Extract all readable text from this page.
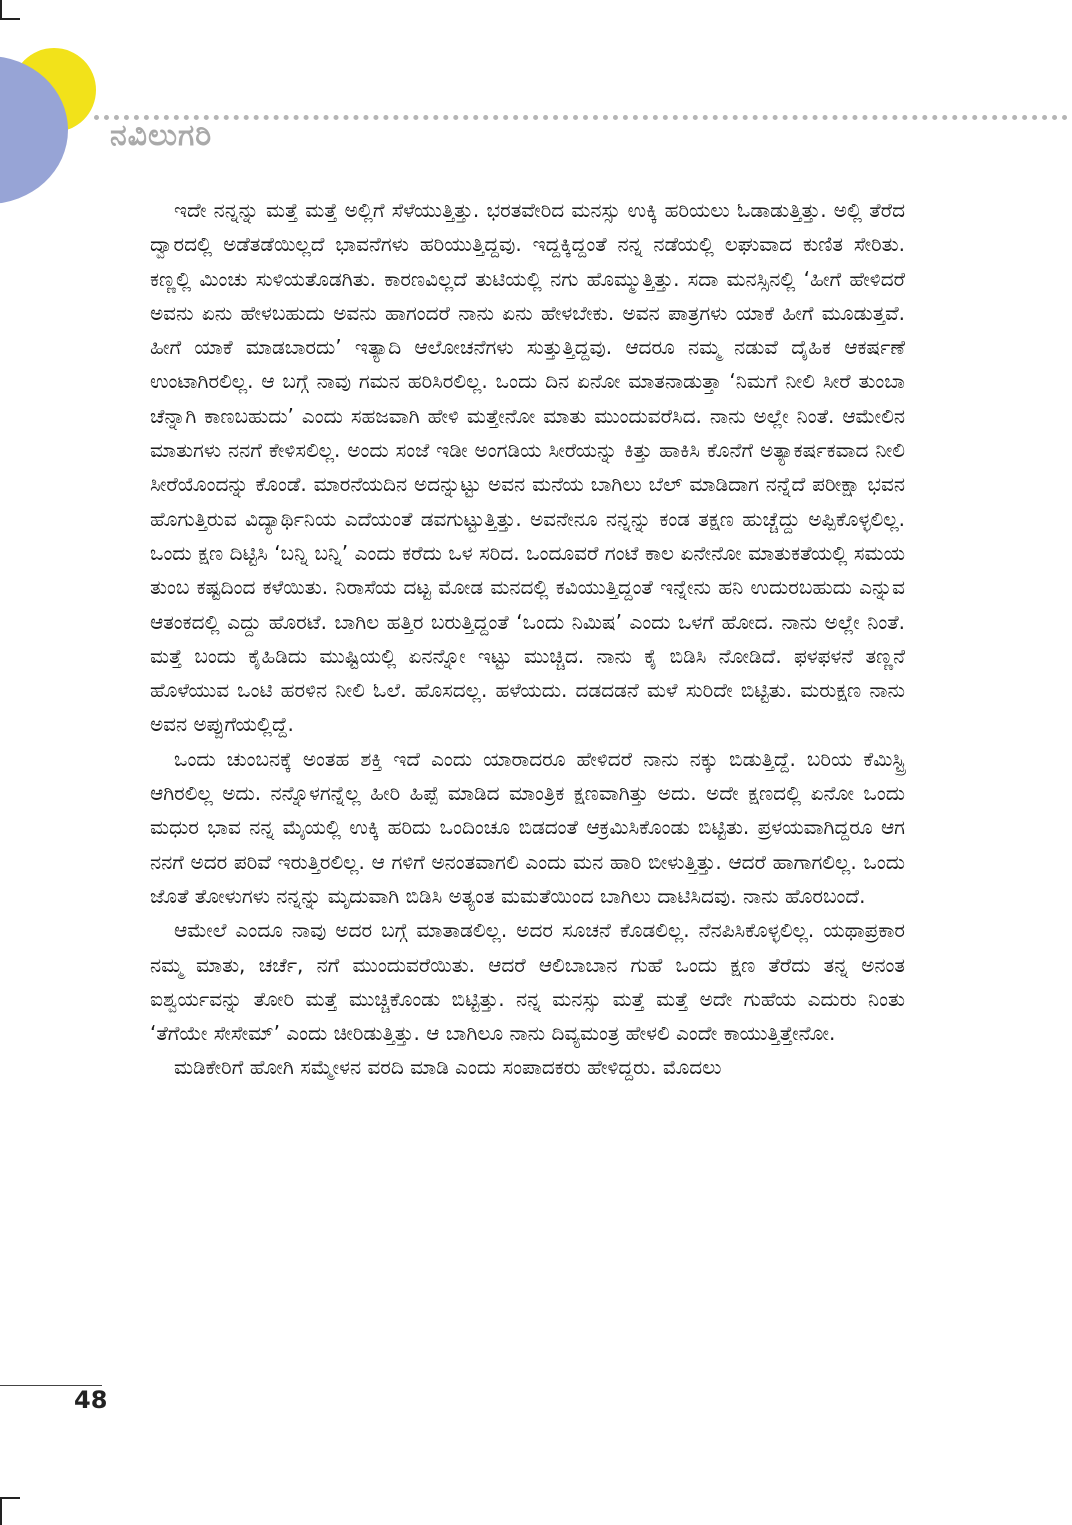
ನವಿಲುಗರಿ

ಇದೇ ನನ್ನನ್ನು ಮತ್ತೆ ಮತ್ತೆ ಅಲ್ಲಿಗೆ ಸೆಳೆಯುತ್ತಿತ್ತು. ಭರತವೇರಿದ ಮನಸ್ಸು ಉಕ್ಕಿ ಹರಿಯಲು ಓಡಾಡುತ್ತಿತ್ತು. ಅಲ್ಲಿ ತೆರೆದ ದ್ವಾರದಲ್ಲಿ ಅಡೆತಡೆಯಿಲ್ಲದೆ ಭಾವನೆಗಳು ಹರಿಯುತ್ತಿದ್ದವು. ಇದ್ದಕ್ಕಿದ್ದಂತೆ ನನ್ನ ನಡೆಯಲ್ಲಿ ಲಘುವಾದ ಕುಣಿತ ಸೇರಿತು. ಕಣ್ಣಲ್ಲಿ ಮಿಂಚು ಸುಳಿಯತೊಡಗಿತು. ಕಾರಣವಿಲ್ಲದೆ ತುಟಿಯಲ್ಲಿ ನಗು ಹೊಮ್ಮುತ್ತಿತ್ತು. ಸದಾ ಮನಸ್ಸಿನಲ್ಲಿ ‘ಹೀಗೆ ಹೇಳಿದರೆ ಅವನು ಏನು ಹೇಳಬಹುದು ಅವನು ಹಾಗಂದರೆ ನಾನು ಏನು ಹೇಳಬೇಕು. ಅವನ ಪಾತ್ರಗಳು ಯಾಕೆ ಹೀಗೆ ಮೂಡುತ್ತವೆ. ಹೀಗೆ ಯಾಕೆ ಮಾಡಬಾರದು’ ಇತ್ಯಾದಿ ಆಲೋಚನೆಗಳು ಸುತ್ತುತ್ತಿದ್ದವು. ಆದರೂ ನಮ್ಮ ನಡುವೆ ದೈಹಿಕ ಆಕರ್ಷಣೆ ಉಂಟಾಗಿರಲಿಲ್ಲ. ಆ ಬಗ್ಗೆ ನಾವು ಗಮನ ಹರಿಸಿರಲಿಲ್ಲ. ಒಂದು ದಿನ ಏನೋ ಮಾತನಾಡುತ್ತಾ ‘ನಿಮಗೆ ನೀಲಿ ಸೀರೆ ತುಂಬಾ ಚೆನ್ನಾಗಿ ಕಾಣಬಹುದು’ ಎಂದು ಸಹಜವಾಗಿ ಹೇಳಿ ಮತ್ತೇನೋ ಮಾತು ಮುಂದುವರೆಸಿದ. ನಾನು ಅಲ್ಲೇ ನಿಂತೆ. ಆಮೇಲಿನ ಮಾತುಗಳು ನನಗೆ ಕೇಳಿಸಲಿಲ್ಲ. ಅಂದು ಸಂಜೆ ಇಡೀ ಅಂಗಡಿಯ ಸೀರೆಯನ್ನು ಕಿತ್ತು ಹಾಕಿಸಿ ಕೊನೆಗೆ ಅತ್ಯಾಕರ್ಷಕವಾದ ನೀಲಿ ಸೀರೆಯೊಂದನ್ನು ಕೊಂಡೆ. ಮಾರನೆಯದಿನ ಅದನ್ನುಟ್ಟು ಅವನ ಮನೆಯ ಬಾಗಿಲು ಬೆಲ್ ಮಾಡಿದಾಗ ನನ್ನೆದೆ ಪರೀಕ್ಷಾ ಭವನ ಹೊಗುತ್ತಿರುವ ವಿದ್ಯಾರ್ಥಿನಿಯ ಎದೆಯಂತೆ ಡವಗುಟ್ಟುತ್ತಿತ್ತು. ಅವನೇನೂ ನನ್ನನ್ನು ಕಂಡ ತಕ್ಷಣ ಹುಚ್ಚೆದ್ದು ಅಪ್ಪಿಕೊಳ್ಳಲಿಲ್ಲ. ಒಂದು ಕ್ಷಣ ದಿಟ್ಟಿಸಿ ‘ಬನ್ನಿ ಬನ್ನಿ’ ಎಂದು ಕರೆದು ಒಳ ಸರಿದ. ಒಂದೂವರೆ ಗಂಟೆ ಕಾಲ ಏನೇನೋ ಮಾತುಕತೆಯಲ್ಲಿ ಸಮಯ ತುಂಬ ಕಷ್ಟದಿಂದ ಕಳೆಯಿತು. ನಿರಾಸೆಯ ದಟ್ಟ ಮೋಡ ಮನದಲ್ಲಿ ಕವಿಯುತ್ತಿದ್ದಂತೆ ಇನ್ನೇನು ಹನಿ ಉದುರಬಹುದು ಎನ್ನುವ ಆತಂಕದಲ್ಲಿ ಎದ್ದು ಹೊರಟೆ. ಬಾಗಿಲ ಹತ್ತಿರ ಬರುತ್ತಿದ್ದಂತೆ ‘ಒಂದು ನಿಮಿಷ’ ಎಂದು ಒಳಗೆ ಹೋದ. ನಾನು ಅಲ್ಲೇ ನಿಂತೆ. ಮತ್ತೆ ಬಂದು ಕೈಹಿಡಿದು ಮುಷ್ಟಿಯಲ್ಲಿ ಏನನ್ನೋ ಇಟ್ಟು ಮುಚ್ಚಿದ. ನಾನು ಕೈ ಬಿಡಿಸಿ ನೋಡಿದೆ. ಫಳಫಳನೆ ತಣ್ಣನೆ ಹೊಳೆಯುವ ಒಂಟಿ ಹರಳಿನ ನೀಲಿ ಓಲೆ. ಹೊಸದಲ್ಲ. ಹಳೆಯದು. ದಡದಡನೆ ಮಳೆ ಸುರಿದೇ ಬಿಟ್ಟಿತು. ಮರುಕ್ಷಣ ನಾನು ಅವನ ಅಪ್ಪುಗೆಯಲ್ಲಿದ್ದೆ.

ಒಂದು ಚುಂಬನಕ್ಕೆ ಅಂತಹ ಶಕ್ತಿ ಇದೆ ಎಂದು ಯಾರಾದರೂ ಹೇಳಿದರೆ ನಾನು ನಕ್ಕು ಬಿಡುತ್ತಿದ್ದೆ. ಬರಿಯ ಕೆಮಿಸ್ಟ್ರಿ ಆಗಿರಲಿಲ್ಲ ಅದು. ನನ್ನೊಳಗನ್ನೆಲ್ಲ ಹೀರಿ ಹಿಪ್ಪೆ ಮಾಡಿದ ಮಾಂತ್ರಿಕ ಕ್ಷಣವಾಗಿತ್ತು ಅದು. ಅದೇ ಕ್ಷಣದಲ್ಲಿ ಏನೋ ಒಂದು ಮಧುರ ಭಾವ ನನ್ನ ಮೈಯಲ್ಲಿ ಉಕ್ಕಿ ಹರಿದು ಒಂದಿಂಚೂ ಬಿಡದಂತೆ ಆಕ್ರಮಿಸಿಕೊಂಡು ಬಿಟ್ಟಿತು. ಪ್ರಳಯವಾಗಿದ್ದರೂ ಆಗ ನನಗೆ ಅದರ ಪರಿವೆ ಇರುತ್ತಿರಲಿಲ್ಲ. ಆ ಗಳಿಗೆ ಅನಂತವಾಗಲಿ ಎಂದು ಮನ ಹಾರಿ ಬೀಳುತ್ತಿತ್ತು. ಆದರೆ ಹಾಗಾಗಲಿಲ್ಲ. ಒಂದು ಜೊತೆ ತೋಳುಗಳು ನನ್ನನ್ನು ಮೃದುವಾಗಿ ಬಿಡಿಸಿ ಅತ್ಯಂತ ಮಮತೆಯಿಂದ ಬಾಗಿಲು ದಾಟಿಸಿದವು. ನಾನು ಹೊರಬಂದೆ.

ಆಮೇಲೆ ಎಂದೂ ನಾವು ಅದರ ಬಗ್ಗೆ ಮಾತಾಡಲಿಲ್ಲ. ಅದರ ಸೂಚನೆ ಕೊಡಲಿಲ್ಲ. ನೆನಪಿಸಿಕೊಳ್ಳಲಿಲ್ಲ. ಯಥಾಪ್ರಕಾರ ನಮ್ಮ ಮಾತು, ಚರ್ಚೆ, ನಗೆ ಮುಂದುವರೆಯಿತು. ಆದರೆ ಆಲಿಬಾಬಾನ ಗುಹೆ ಒಂದು ಕ್ಷಣ ತೆರೆದು ತನ್ನ ಅನಂತ ಐಶ್ವರ್ಯವನ್ನು ತೋರಿ ಮತ್ತೆ ಮುಚ್ಚಿಕೊಂಡು ಬಿಟ್ಟಿತ್ತು. ನನ್ನ ಮನಸ್ಸು ಮತ್ತೆ ಮತ್ತೆ ಅದೇ ಗುಹೆಯ ಎದುರು ನಿಂತು ‘ತೆಗೆಯೇ ಸೇಸೇಮ್’ ಎಂದು ಚೀರಿಡುತ್ತಿತ್ತು. ಆ ಬಾಗಿಲೂ ನಾನು ದಿವ್ಯಮಂತ್ರ ಹೇಳಲಿ ಎಂದೇ ಕಾಯುತ್ತಿತ್ತೇನೋ.

ಮಡಿಕೇರಿಗೆ ಹೋಗಿ ಸಮ್ಮೇಳನ ವರದಿ ಮಾಡಿ ಎಂದು ಸಂಪಾದಕರು ಹೇಳಿದ್ದರು. ಮೊದಲು

48
